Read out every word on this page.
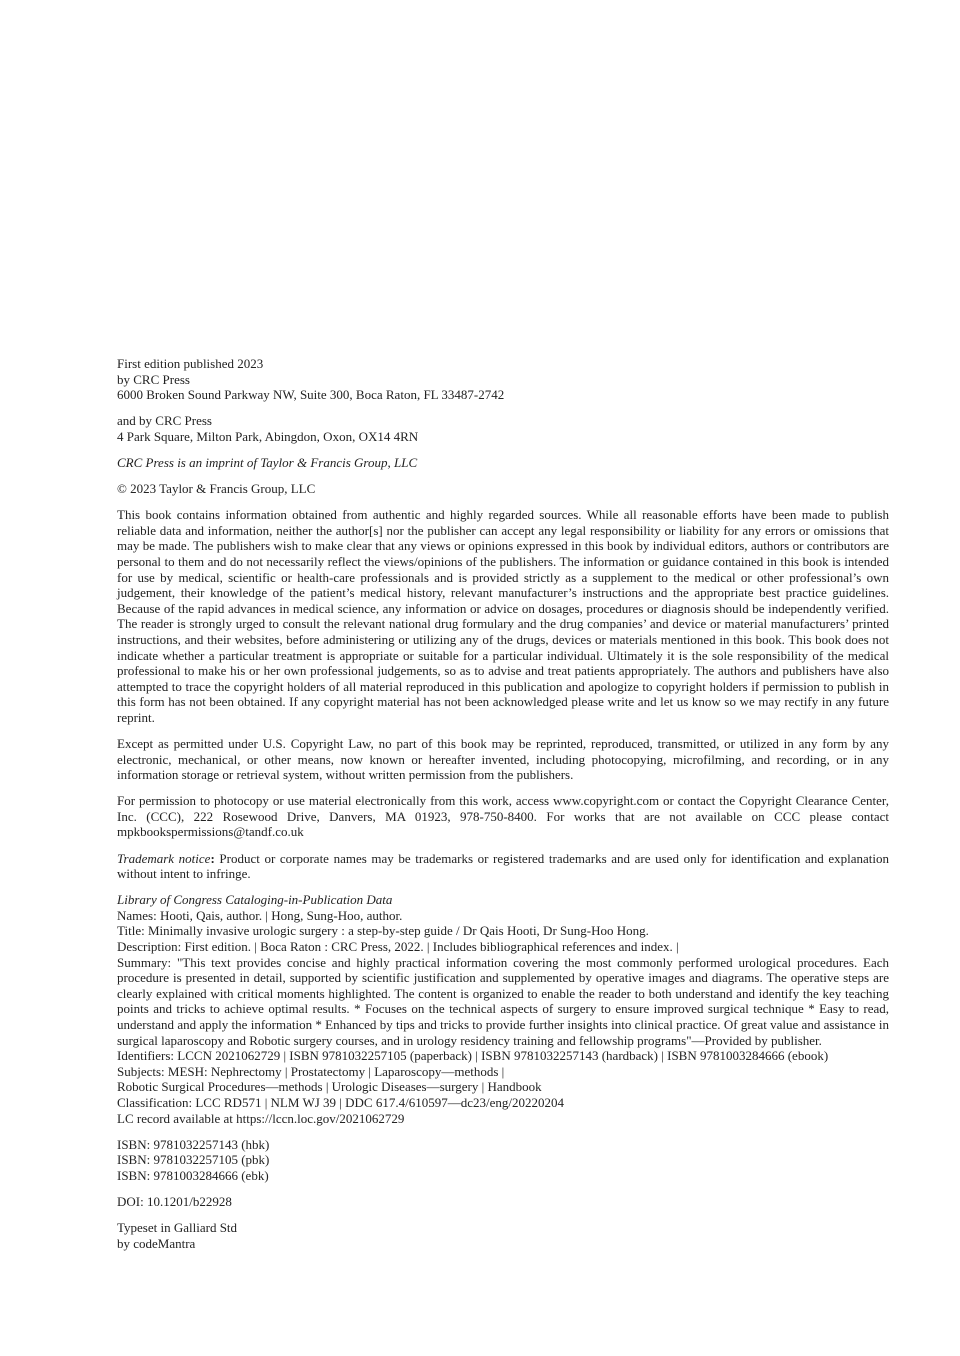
First edition published 2023
by CRC Press
6000 Broken Sound Parkway NW, Suite 300, Boca Raton, FL 33487-2742
and by CRC Press
4 Park Square, Milton Park, Abingdon, Oxon, OX14 4RN
CRC Press is an imprint of Taylor & Francis Group, LLC
© 2023 Taylor & Francis Group, LLC
This book contains information obtained from authentic and highly regarded sources. While all reasonable efforts have been made to publish reliable data and information, neither the author[s] nor the publisher can accept any legal responsibility or liability for any errors or omissions that may be made. The publishers wish to make clear that any views or opinions expressed in this book by individual editors, authors or contributors are personal to them and do not necessarily reflect the views/opinions of the publishers. The information or guidance contained in this book is intended for use by medical, scientific or health-care professionals and is provided strictly as a supplement to the medical or other professional’s own judgement, their knowledge of the patient’s medical history, relevant manufacturer’s instructions and the appropriate best practice guidelines. Because of the rapid advances in medical science, any information or advice on dosages, procedures or diagnosis should be independently verified. The reader is strongly urged to consult the relevant national drug formulary and the drug companies’ and device or material manufacturers’ printed instructions, and their websites, before administering or utilizing any of the drugs, devices or materials mentioned in this book. This book does not indicate whether a particular treatment is appropriate or suitable for a particular individual. Ultimately it is the sole responsibility of the medical professional to make his or her own professional judgements, so as to advise and treat patients appropriately. The authors and publishers have also attempted to trace the copyright holders of all material reproduced in this publication and apologize to copyright holders if permission to publish in this form has not been obtained. If any copyright material has not been acknowledged please write and let us know so we may rectify in any future reprint.
Except as permitted under U.S. Copyright Law, no part of this book may be reprinted, reproduced, transmitted, or utilized in any form by any electronic, mechanical, or other means, now known or hereafter invented, including photocopying, microfilming, and recording, or in any information storage or retrieval system, without written permission from the publishers.
For permission to photocopy or use material electronically from this work, access www.copyright.com or contact the Copyright Clearance Center, Inc. (CCC), 222 Rosewood Drive, Danvers, MA 01923, 978-750-8400. For works that are not available on CCC please contact mpkbookspermissions@tandf.co.uk
Trademark notice: Product or corporate names may be trademarks or registered trademarks and are used only for identification and explanation without intent to infringe.
Library of Congress Cataloging-in-Publication Data
Names: Hooti, Qais, author. | Hong, Sung-Hoo, author.
Title: Minimally invasive urologic surgery : a step-by-step guide / Dr Qais Hooti, Dr Sung-Hoo Hong.
Description: First edition. | Boca Raton : CRC Press, 2022. | Includes bibliographical references and index. |
Summary: "This text provides concise and highly practical information covering the most commonly performed urological procedures. Each procedure is presented in detail, supported by scientific justification and supplemented by operative images and diagrams. The operative steps are clearly explained with critical moments highlighted. The content is organized to enable the reader to both understand and identify the key teaching points and tricks to achieve optimal results. * Focuses on the technical aspects of surgery to ensure improved surgical technique * Easy to read, understand and apply the information * Enhanced by tips and tricks to provide further insights into clinical practice. Of great value and assistance in surgical laparoscopy and Robotic surgery courses, and in urology residency training and fellowship programs"—Provided by publisher.
Identifiers: LCCN 2021062729 | ISBN 9781032257105 (paperback) | ISBN 9781032257143 (hardback) | ISBN 9781003284666 (ebook)
Subjects: MESH: Nephrectomy | Prostatectomy | Laparoscopy—methods |
Robotic Surgical Procedures—methods | Urologic Diseases—surgery | Handbook
Classification: LCC RD571 | NLM WJ 39 | DDC 617.4/610597—dc23/eng/20220204
LC record available at https://lccn.loc.gov/2021062729
ISBN: 9781032257143 (hbk)
ISBN: 9781032257105 (pbk)
ISBN: 9781003284666 (ebk)
DOI: 10.1201/b22928
Typeset in Galliard Std
by codeMantra
